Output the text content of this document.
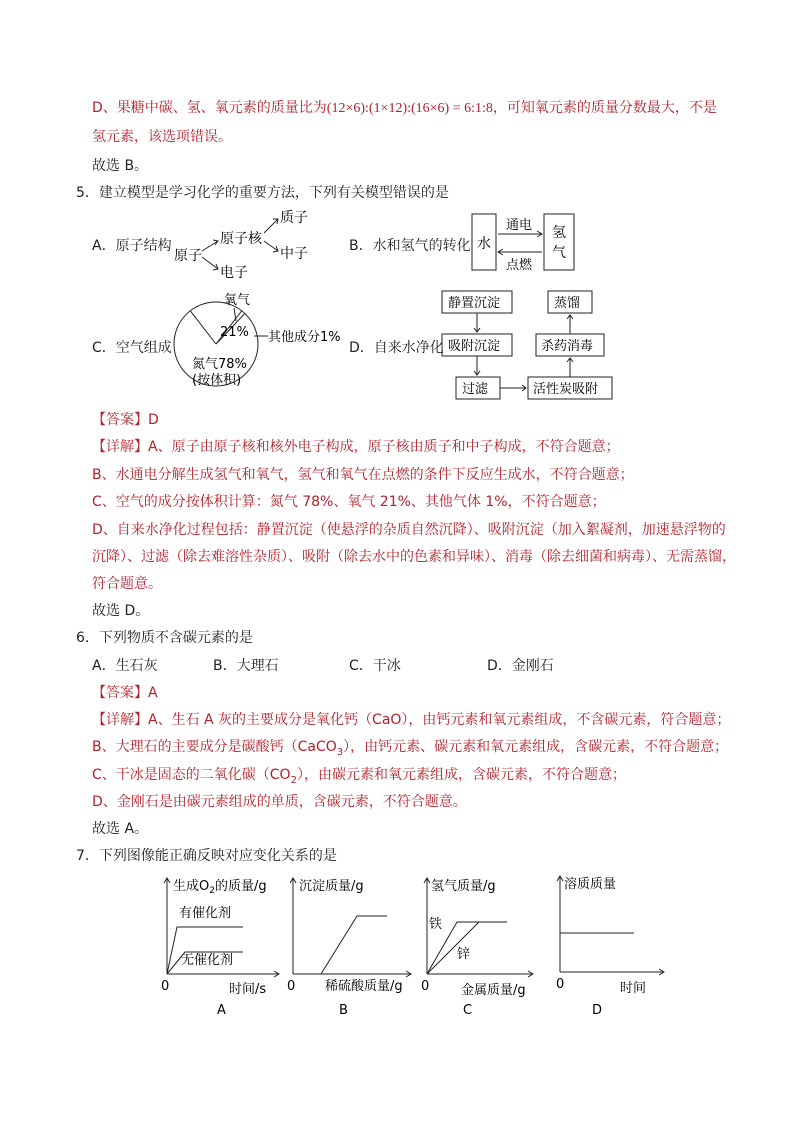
D、果糖中碳、氢、氧元素的质量比为(12×6):(1×12):(16×6) = 6:1:8，可知氧元素的质量分数最大，不是
氢元素，该选项错误。
故选 B。
5．建立模型是学习化学的重要方法，下列有关模型错误的是
A．原子结构
原子
原子核
质子
中子
电子
B．水和氢气的转化 水
氢
气
通电
点燃
C．空气组成
氧气
21% 其他成分1%
氮气78%
(按体积)
D．自来水净化
静置沉淀
吸附沉淀
过滤	活性炭吸附
杀药消毒
蒸馏
【答案】D
【详解】A、原子由原子核和核外电子构成，原子核由质子和中子构成，不符合题意；
B、水通电分解生成氢气和氧气，氢气和氧气在点燃的条件下反应生成水，不符合题意；
C、空气的成分按体积计算：氮气 78%、氧气 21%、其他气体 1%，不符合题意；
D、自来水净化过程包括：静置沉淀（使悬浮的杂质自然沉降）、吸附沉淀（加入絮凝剂，加速悬浮物的
沉降）、过滤（除去难溶性杂质）、吸附（除去水中的色素和异味）、消毒（除去细菌和病毒）、无需蒸馏，
符合题意。
故选 D。
6．下列物质不含碳元素的是
A．生石灰	B．大理石	C．干冰	D．金刚石
【答案】A
【详解】A、生石 A 灰的主要成分是氧化钙（CaO），由钙元素和氧元素组成，不含碳元素，符合题意；
B、大理石的主要成分是碳酸钙（CaCO$_3$），由钙元素、碳元素和氧元素组成，含碳元素，不符合题意；
C、干冰是固态的二氧化碳$(CO_2)$，由碳元素和氧元素组成，含碳元素，不符合题意；
D、金刚石是由碳元素组成的单质，含碳元素，不符合题意。
故选 A。
7．下列图像能正确反映对应变化关系的是
生成$O_2$的质量/g
有催化剂
无催化剂
0	时间/s
A
沉淀质量/g
0 稀硫酸质量/g
B
氢气质量/g
铁
锌
0 金属质量/g
C
溶质质量
0	时间
D
